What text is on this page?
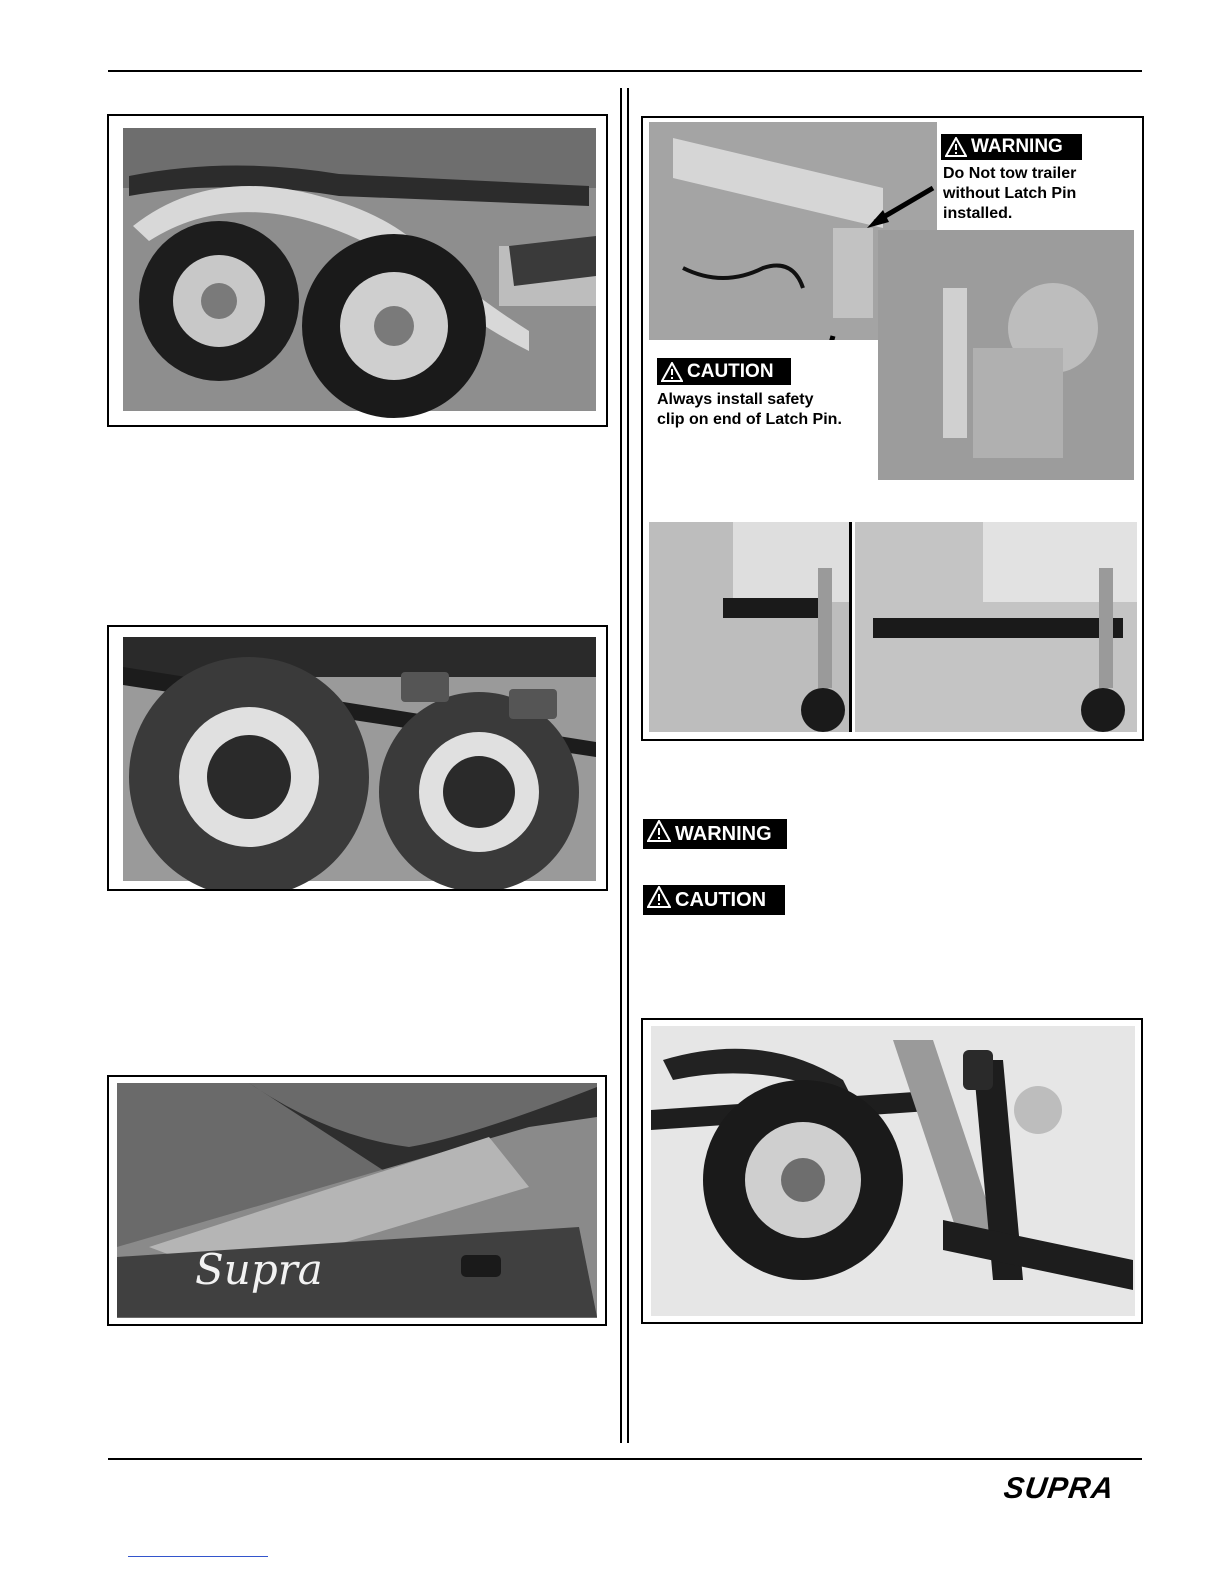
Supra
WARNING
Do Not tow trailer
without Latch Pin
installed.
CAUTION
Always install safety
clip on end of Latch Pin.
WARNING
CAUTION
SUPRA
